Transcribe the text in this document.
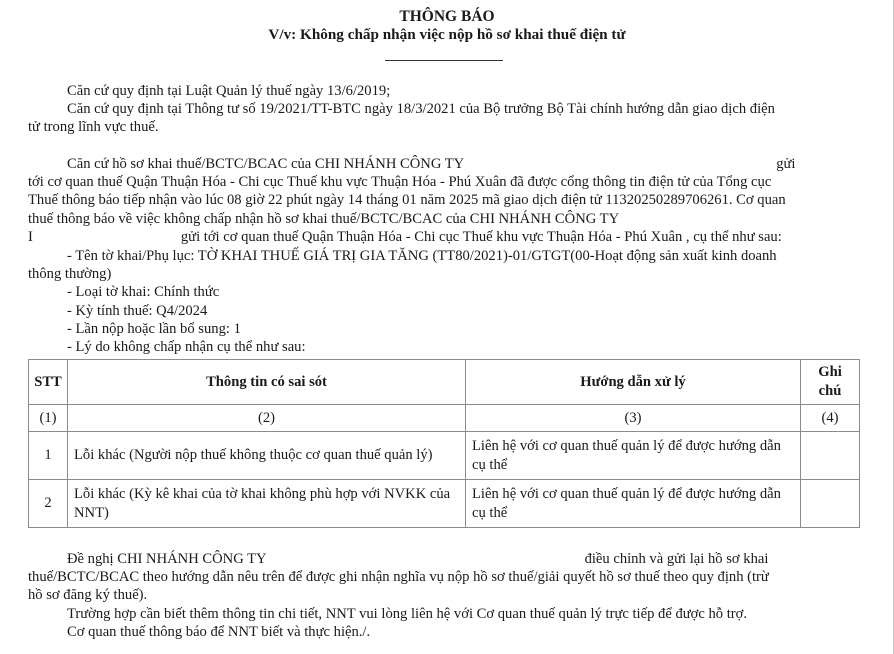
THÔNG BÁO
V/v: Không chấp nhận việc nộp hồ sơ khai thuế điện tử

Căn cứ quy định tại Luật Quản lý thuế ngày 13/6/2019;

Căn cứ quy định tại Thông tư số 19/2021/TT-BTC ngày 18/3/2021 của Bộ trưởng Bộ Tài chính hướng dẫn giao dịch điện

tử trong lĩnh vực thuế.

Căn cứ hồ sơ khai thuế/BCTC/BCAC của CHI NHÁNH CÔNG TY	gửi

tới cơ quan thuế Quận Thuận Hóa - Chi cục Thuế khu vực Thuận Hóa - Phú Xuân đã được cổng thông tin điện tử của Tổng cục

Thuế thông báo tiếp nhận vào lúc 08 giờ 22 phút ngày 14 tháng 01 năm 2025 mã giao dịch điện tử 11320250289706261. Cơ quan

thuế thông báo về việc không chấp nhận hồ sơ khai thuế/BCTC/BCAC của CHI NHÁNH CÔNG TY

I	gửi tới cơ quan thuế Quận Thuận Hóa - Chi cục Thuế khu vực Thuận Hóa - Phú Xuân , cụ thể như sau:

- Tên tờ khai/Phụ lục: TỜ KHAI THUẾ GIÁ TRỊ GIA TĂNG (TT80/2021)-01/GTGT(00-Hoạt động sản xuất kinh doanh

thông thường)

- Loại tờ khai: Chính thức

- Kỳ tính thuế: Q4/2024

- Lần nộp hoặc lần bổ sung: 1

- Lý do không chấp nhận cụ thể như sau:

STT	Thông tin có sai sót	Hướng dẫn xử lý	Ghi chú
(1)	(2)	(3)	(4)
1	Lỗi khác (Người nộp thuế không thuộc cơ quan thuế quản lý)	Liên hệ với cơ quan thuế quản lý để được hướng dẫn cụ thể	
2	Lỗi khác (Kỳ kê khai của tờ khai không phù hợp với NVKK của NNT)	Liên hệ với cơ quan thuế quản lý để được hướng dẫn cụ thể	

Đề nghị CHI NHÁNH CÔNG TY	điều chỉnh và gửi lại hồ sơ khai

thuế/BCTC/BCAC theo hướng dẫn nêu trên để được ghi nhận nghĩa vụ nộp hồ sơ thuế/giải quyết hồ sơ thuế theo quy định (trừ

hồ sơ đăng ký thuế).

Trường hợp cần biết thêm thông tin chi tiết, NNT vui lòng liên hệ với Cơ quan thuế quản lý trực tiếp để được hỗ trợ.

Cơ quan thuế thông báo để NNT biết và thực hiện./.
